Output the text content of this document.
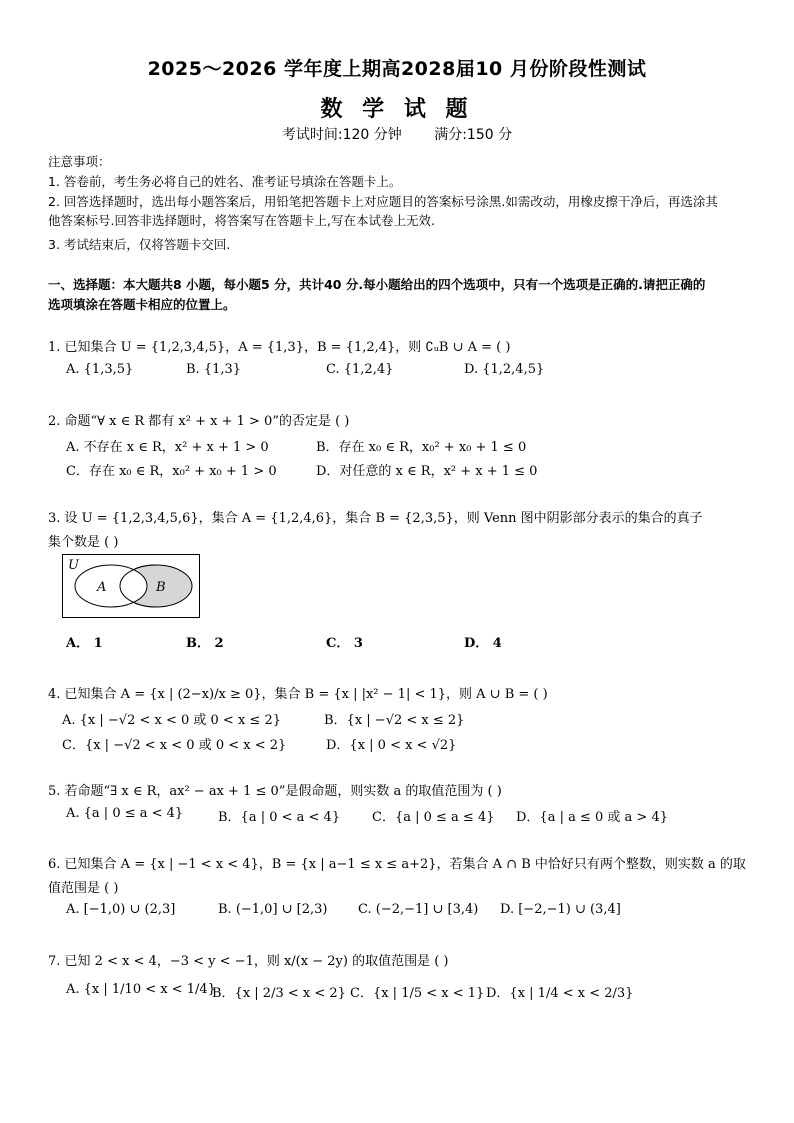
2025～2026 学年度上期高2028届10 月份阶段性测试
数 学 试 题
考试时间:120 分钟 满分:150 分
注意事项：
1. 答卷前，考生务必将自己的姓名、准考证号填涂在答题卡上。
2. 回答选择题时，选出每小题答案后，用铅笔把答题卡上对应题目的答案标号涂黑.如需改动，用橡皮擦干净后，再选涂其
他答案标号.回答非选择题时，将答案写在答题卡上,写在本试卷上无效.
3. 考试结束后，仅将答题卡交回.
一、选择题：本大题共8 小题，每小题5 分，共计40 分.每小题给出的四个选项中，只有一个选项是正确的.请把正确的
选项填涂在答题卡相应的位置上。
1. 已知集合 U = {1,2,3,4,5}，A = {1,3}，B = {1,2,4}，则 ∁ᵤB ∪ A = ( )
A. {1,3,5}	B. {1,3}	C. {1,2,4}	D. {1,2,4,5}
2. 命题“∀ x ∈ R 都有 x² + x + 1 > 0”的否定是 ( )
A. 不存在 x ∈ R，x² + x + 1 > 0	B．存在 x₀ ∈ R，x₀² + x₀ + 1 ≤ 0
C．存在 x₀ ∈ R，x₀² + x₀ + 1 > 0	D．对任意的 x ∈ R，x² + x + 1 ≤ 0
3. 设 U = {1,2,3,4,5,6}，集合 A = {1,2,4,6}，集合 B = {2,3,5}，则 Venn 图中阴影部分表示的集合的真子
集个数是 ( )
U
A	B
A． 1	B． 2	C． 3	D． 4
4. 已知集合 A = {x | (2−x)/x ≥ 0}，集合 B = {x | |x² − 1| < 1}，则 A ∪ B = ( )
A. {x | −√2 < x < 0 或 0 < x ≤ 2}	B．{x | −√2 < x ≤ 2}
C．{x | −√2 < x < 0 或 0 < x < 2}	D．{x | 0 < x < √2}
5. 若命题“∃ x ∈ R，ax² − ax + 1 ≤ 0”是假命题，则实数 a 的取值范围为 ( )
A. {a | 0 ≤ a < 4}	B．{a | 0 < a < 4} C．{a | 0 ≤ a ≤ 4} D．{a | a ≤ 0 或 a > 4}
6. 已知集合 A = {x | −1 < x < 4}，B = {x | a−1 ≤ x ≤ a+2}，若集合 A ∩ B 中恰好只有两个整数，则实数 a 的取
值范围是 ( )
A. [−1,0) ∪ (2,3]	B. (−1,0] ∪ [2,3) C. (−2,−1] ∪ [3,4) D. [−2,−1) ∪ (3,4]
7. 已知 2 < x < 4，−3 < y < −1，则 x/(x − 2y) 的取值范围是 ( )
A. {x | 1/10 < x < 1/4}
B．{x | 2/3 < x < 2} C．{x | 1/5 < x < 1} D．{x | 1/4 < x < 2/3}
